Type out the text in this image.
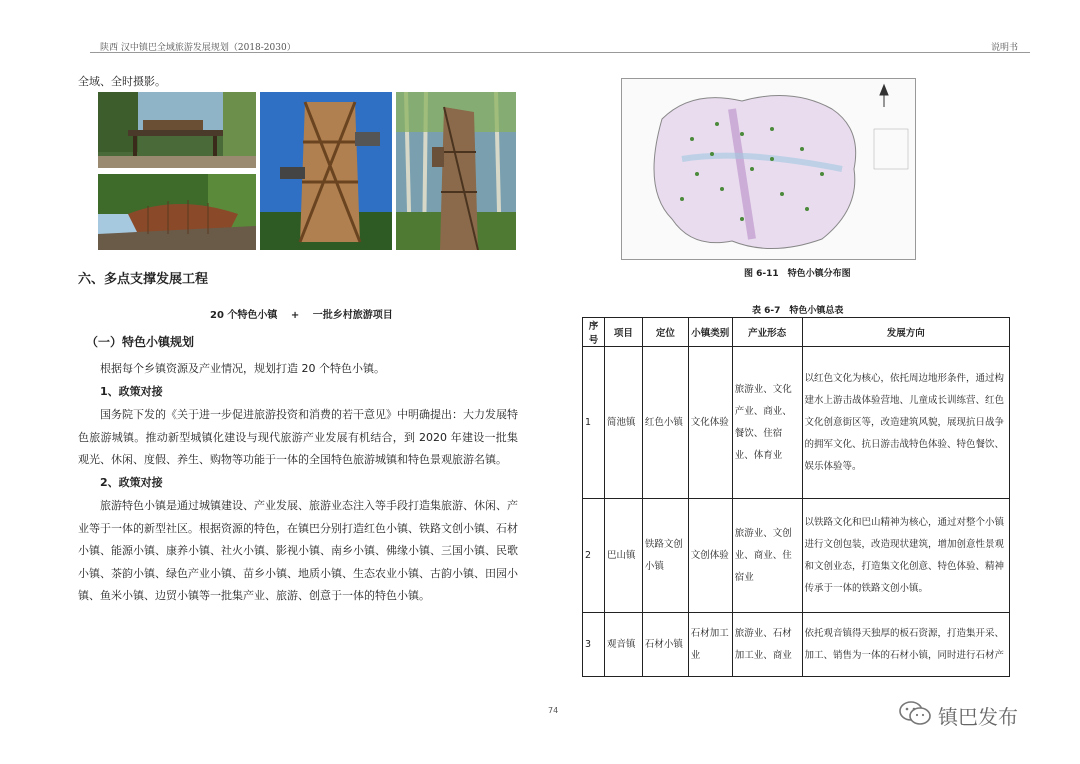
陕西 汉中镇巴全域旅游发展规划（2018-2030）	说明书
全域、全时摄影。
六、多点支撑发展工程
20 个特色小镇　 +　 一批乡村旅游项目
（一）特色小镇规划
根据每个乡镇资源及产业情况，规划打造 20 个特色小镇。
1、政策对接
国务院下发的《关于进一步促进旅游投资和消费的若干意见》中明确提出：大力发展特色旅游城镇。推动新型城镇化建设与现代旅游产业发展有机结合，到 2020 年建设一批集观光、休闲、度假、养生、购物等功能于一体的全国特色旅游城镇和特色景观旅游名镇。
2、政策对接
旅游特色小镇是通过城镇建设、产业发展、旅游业态注入等手段打造集旅游、休闲、产业等于一体的新型社区。根据资源的特色，在镇巴分别打造红色小镇、铁路文创小镇、石材小镇、能源小镇、康养小镇、社火小镇、影视小镇、南乡小镇、佛缘小镇、三国小镇、民歌小镇、茶韵小镇、绿色产业小镇、苗乡小镇、地质小镇、生态农业小镇、古韵小镇、田园小镇、鱼米小镇、边贸小镇等一批集产业、旅游、创意于一体的特色小镇。
图 6-11　特色小镇分布图
表 6-7　特色小镇总表
序号	项目	定位	小镇类别	产业形态	发展方向
1	简池镇	红色小镇	文化体验	旅游业、文化产业、商业、餐饮、住宿业、体育业	以红色文化为核心，依托周边地形条件，通过构建水上游击战体验营地、儿童成长训练营、红色文化创意街区等，改造建筑风貌，展现抗日战争的拥军文化、抗日游击战特色体验、特色餐饮、娱乐体验等。
2	巴山镇	铁路文创小镇	文创体验	旅游业、文创业、商业、住宿业	以铁路文化和巴山精神为核心，通过对整个小镇进行文创包装，改造现状建筑，增加创意性景观和文创业态，打造集文化创意、特色体验、精神传承于一体的铁路文创小镇。
3	观音镇	石材小镇	石材加工业	旅游业、石材加工业、商业	依托观音镇得天独厚的板石资源，打造集开采、加工、销售为一体的石材小镇，同时进行石材产
74	镇巴发布
